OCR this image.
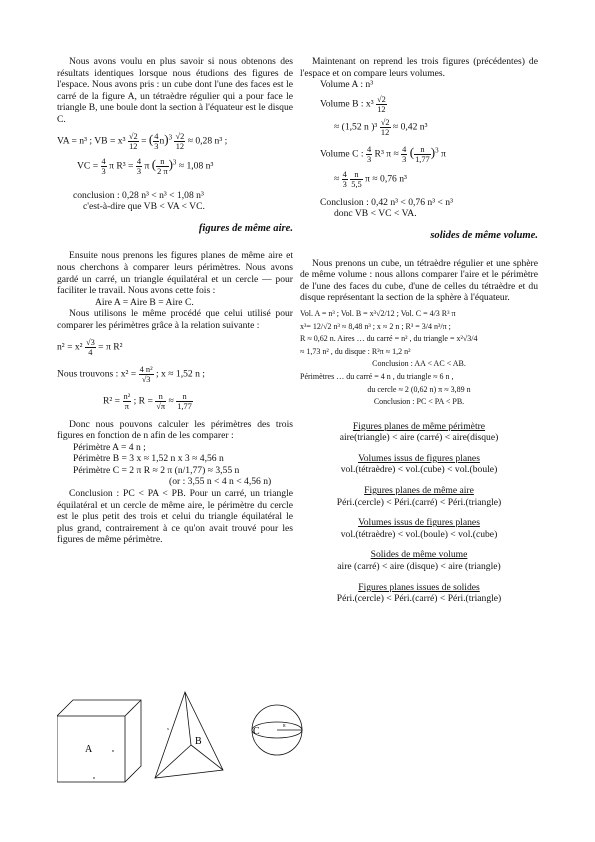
Nous avons voulu en plus savoir si nous obtenons des résultats identiques lorsque nous étudions des figures de l'espace. Nous avons pris : un cube dont l'une des faces est le carré de la figure A, un tétraèdre régulier qui a pour face le triangle B, une boule dont la section à l'équateur est le disque C.

VA = n³ ; VB = $x^3 \frac{√2}{12}$ = ( $\frac{4}{3} n)^3 \frac{√2}{12} \approx 0,28$ n³ ;
VC = $\frac{4}{3}$ π $R^3 = \frac{4}{3}$ π ( $\frac{n}{2 \pi} )^3 \approx 1,08$ n³
conclusion : 0,28 n³ < n³ < 1,08 n³
c'est-à-dire que VB < VA < VC.
figures de même aire.

Ensuite nous prenons les figures planes de même aire et nous cherchons à comparer leurs périmètres. Nous avons gardé un carré, un triangle équilatéral et un cercle — pour faciliter le travail. Nous avons cette fois :

Aire A = Aire B = Aire C.

Nous utilisons le même procédé que celui utilisé pour comparer les périmètres grâce à la relation suivante :

$n^2 = x^2 \frac{√3}{4} = \pi$ R²
Nous trouvons : $x^2 = \frac{\text{4 n²}}{√3}$ ; x ≈ 1,52 n ;
$R^2 = \frac{\text{n²}}{\pi}$ ; $R = \frac{n}{√\pi} \approx \frac{n}{1,77}$

Donc nous pouvons calculer les périmètres des trois figures en fonction de n afin de les comparer :

Périmètre A = 4 n ;
Périmètre B = 3 x ≈ 1,52 n x 3 ≈ 4,56 n
Périmètre C = 2 π R ≈ 2 π (n/1,77) ≈ 3,55 n
(or : 3,55 n < 4 n < 4,56 n)

Conclusion : PC < PA < PB. Pour un carré, un triangle équilatéral et un cercle de même aire, le périmètre du cercle est le plus petit des trois et celui du triangle équilatéral le plus grand, contrairement à ce qu'on avait trouvé pour les figures de même périmètre.

Maintenant on reprend les trois figures (précédentes) de l'espace et on compare leurs volumes.

Volume A : n³
Volume B : $x^3 \frac{√2}{12}$
≈ (1,52 n )$^3 \frac{√2}{12} \approx 0,42$ n³
Volume C : $\frac{4}{3} R^3$ $\pi \approx \frac{4}{3}$ ( $\frac{n}{1,77} )^3$ π
≈ $\frac{4}{3}$
$\frac{n}{5,5}$ π ≈ 0,76 n³
Conclusion : 0,42 n³ < 0,76 n³ < n³
donc VB < VC < VA.
solides de même volume.

Nous prenons un cube, un tétraèdre régulier et une sphère de même volume : nous allons comparer l'aire et le périmètre de l'une des faces du cube, d'une de celles du tétraèdre et du disque représentant la section de la sphère à l'équateur.

Vol. A = n³ ; Vol. B = x³√2/12 ; Vol. C = 4/3 R³ π
x³= 12/√2 n³ ≈ 8,48 n³ ; x ≈ 2 n ; R³ = 3/4 n³/π ;
R ≈ 0,62 n. Aires … du carré = n² , du triangle = x²√3/4
≈ 1,73 n² , du disque : R²π ≈ 1,2 n²
Conclusion : AA < AC < AB.
Périmètres … du carré = 4 n , du triangle ≈ 6 n ,
du cercle ≈ 2 (0,62 n) π ≈ 3,89 n
Conclusion : PC < PA < PB.
Figures planes de même périmètre
aire(triangle) < aire (carré) < aire(disque)
Volumes issus de figures planes
vol.(tétraèdre) < vol.(cube) < vol.(boule)
Figures planes de même aire
Péri.(cercle) < Péri.(carré) < Péri.(triangle)
Volumes issus de figures planes
vol.(tétraèdre) < vol.(boule) < vol.(cube)
Solides de même volume
aire (carré) < aire (disque) < aire (triangle)
Figures planes issues de solides
Péri.(cercle) < Péri.(carré) < Péri.(triangle)
A	n
n
B
x	C
R
